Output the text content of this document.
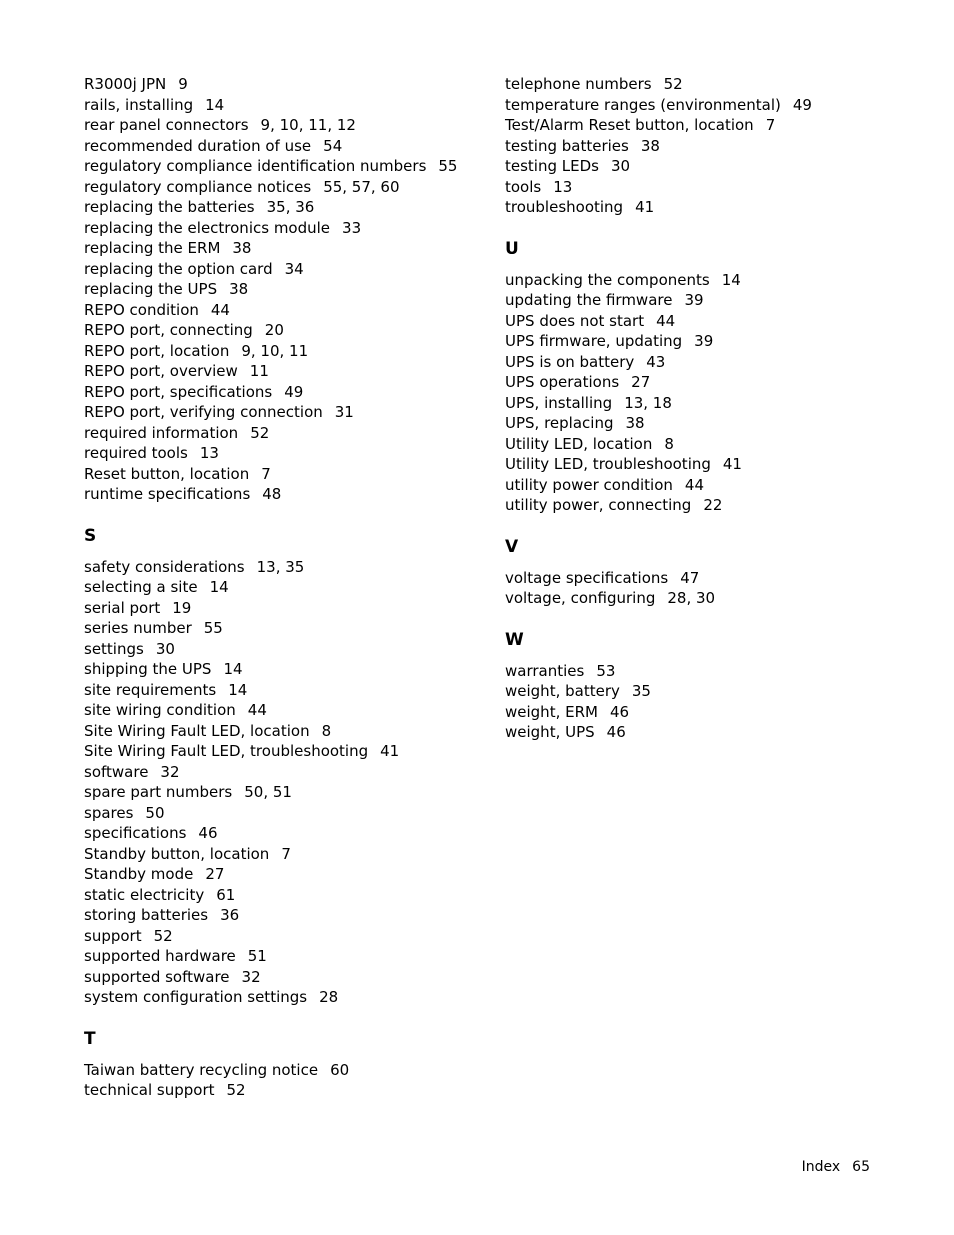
R3000j JPN 9
rails, installing 14
rear panel connectors 9, 10, 11, 12
recommended duration of use 54
regulatory compliance identification numbers 55
regulatory compliance notices 55, 57, 60
replacing the batteries 35, 36
replacing the electronics module 33
replacing the ERM 38
replacing the option card 34
replacing the UPS 38
REPO condition 44
REPO port, connecting 20
REPO port, location 9, 10, 11
REPO port, overview 11
REPO port, specifications 49
REPO port, verifying connection 31
required information 52
required tools 13
Reset button, location 7
runtime specifications 48
S
safety considerations 13, 35
selecting a site 14
serial port 19
series number 55
settings 30
shipping the UPS 14
site requirements 14
site wiring condition 44
Site Wiring Fault LED, location 8
Site Wiring Fault LED, troubleshooting 41
software 32
spare part numbers 50, 51
spares 50
specifications 46
Standby button, location 7
Standby mode 27
static electricity 61
storing batteries 36
support 52
supported hardware 51
supported software 32
system configuration settings 28
T
Taiwan battery recycling notice 60
technical support 52
telephone numbers 52
temperature ranges (environmental) 49
Test/Alarm Reset button, location 7
testing batteries 38
testing LEDs 30
tools 13
troubleshooting 41
U
unpacking the components 14
updating the firmware 39
UPS does not start 44
UPS firmware, updating 39
UPS is on battery 43
UPS operations 27
UPS, installing 13, 18
UPS, replacing 38
Utility LED, location 8
Utility LED, troubleshooting 41
utility power condition 44
utility power, connecting 22
V
voltage specifications 47
voltage, configuring 28, 30
W
warranties 53
weight, battery 35
weight, ERM 46
weight, UPS 46
Index 65
